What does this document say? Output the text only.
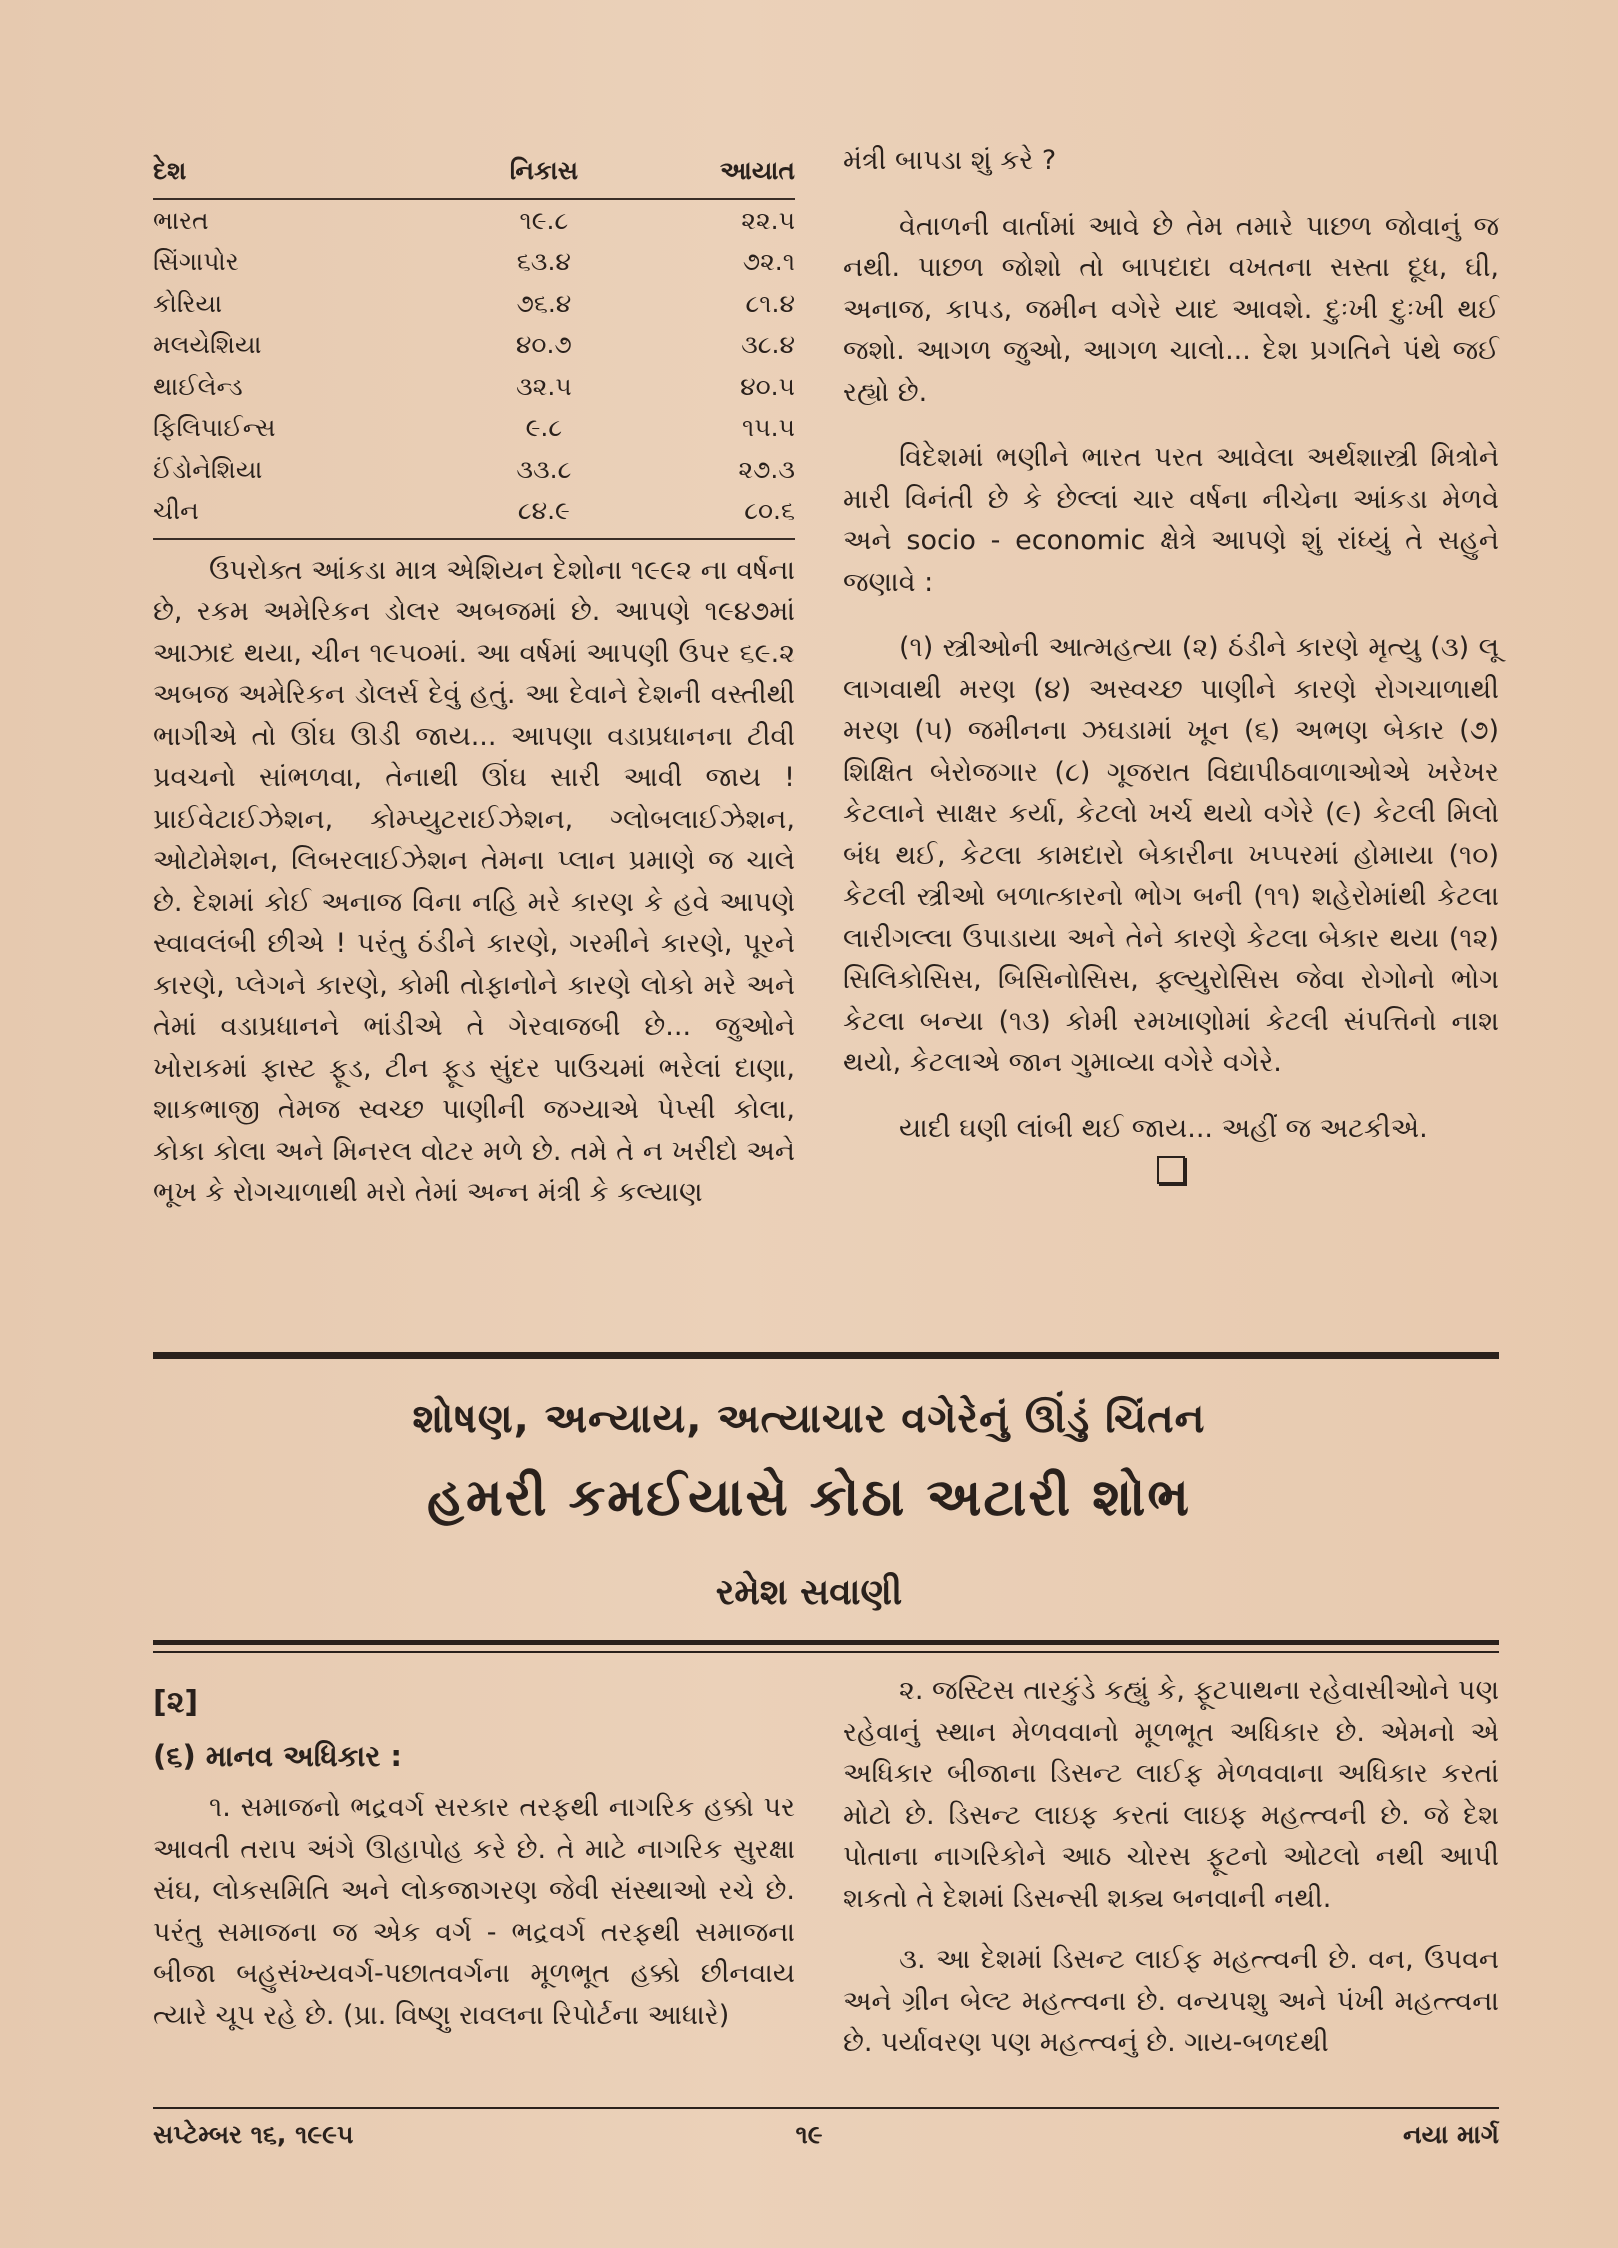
દેશ	નિકાસ	આયાત
ભારત	૧૯.૮	૨૨.૫
સિંગાપોર	૬૩.૪	૭૨.૧
કોરિયા	૭૬.૪	૮૧.૪
મલયેશિયા	૪૦.૭	૩૮.૪
થાઈલેન્ડ	૩૨.૫	૪૦.૫
ફિલિપાઈન્સ	૯.૮	૧૫.૫
ઈંડોનેશિયા	૩૩.૮	૨૭.૩
ચીન	૮૪.૯	૮૦.૬

ઉપરોક્ત આંકડા માત્ર એશિયન દેશોના ૧૯૯૨ ના વર્ષના છે, રકમ અમેરિકન ડોલર અબજમાં છે. આપણે ૧૯૪૭માં આઝાદ થયા, ચીન ૧૯૫૦માં. આ વર્ષમાં આપણી ઉપર ૬૯.૨ અબજ અમેરિકન ડોલર્સ દેવું હતું. આ દેવાને દેશની વસ્તીથી ભાગીએ તો ઊંઘ ઊડી જાય... આપણા વડાપ્રધાનના ટીવી પ્રવચનો સાંભળવા, તેનાથી ઊંઘ સારી આવી જાય ! પ્રાઈવેટાઈઝેશન, કોમ્પ્યુટરાઈઝેશન, ગ્લોબલાઈઝેશન, ઓટોમેશન, લિબરલાઈઝેશન તેમના પ્લાન પ્રમાણે જ ચાલે છે. દેશમાં કોઈ અનાજ વિના નહિ મરે કારણ કે હવે આપણે સ્વાવલંબી છીએ ! પરંતુ ઠંડીને કારણે, ગરમીને કારણે, પૂરને કારણે, પ્લેગને કારણે, કોમી તોફાનોને કારણે લોકો મરે અને તેમાં વડાપ્રધાનને ભાંડીએ તે ગેરવાજબી છે... જુઓને ખોરાકમાં ફાસ્ટ ફૂડ, ટીન ફૂડ સુંદર પાઉચમાં ભરેલાં દાણા, શાકભાજી તેમજ સ્વચ્છ પાણીની જગ્યાએ પેપ્સી કોલા, કોકા કોલા અને મિનરલ વોટર મળે છે. તમે તે ન ખરીદો અને ભૂખ કે રોગચાળાથી મરો તેમાં અન્ન મંત્રી કે કલ્યાણ

મંત્રી બાપડા શું કરે ?

વેતાળની વાર્તામાં આવે છે તેમ તમારે પાછળ જોવાનું જ નથી. પાછળ જોશો તો બાપદાદા વખતના સસ્તા દૂધ, ઘી, અનાજ, કાપડ, જમીન વગેરે યાદ આવશે. દુઃખી દુઃખી થઈ જશો. આગળ જુઓ, આગળ ચાલો... દેશ પ્રગતિને પંથે જઈ રહ્યો છે.

વિદેશમાં ભણીને ભારત પરત આવેલા અર્થશાસ્ત્રી મિત્રોને મારી વિનંતી છે કે છેલ્લાં ચાર વર્ષના નીચેના આંકડા મેળવે અને socio - economic ક્ષેત્રે આપણે શું રાંધ્યું તે સહુને જણાવે :

(૧) સ્ત્રીઓની આત્મહત્યા (૨) ઠંડીને કારણે મૃત્યુ (૩) લૂ લાગવાથી મરણ (૪) અસ્વચ્છ પાણીને કારણે રોગચાળાથી મરણ (૫) જમીનના ઝઘડામાં ખૂન (૬) અભણ બેકાર (૭) શિક્ષિત બેરોજગાર (૮) ગૂજરાત વિદ્યાપીઠવાળાઓએ ખરેખર કેટલાને સાક્ષર કર્યા, કેટલો ખર્ચ થયો વગેરે (૯) કેટલી મિલો બંધ થઈ, કેટલા કામદારો બેકારીના ખપ્પરમાં હોમાયા (૧૦) કેટલી સ્ત્રીઓ બળાત્કારનો ભોગ બની (૧૧) શહેરોમાંથી કેટલા લારીગલ્લા ઉપાડાયા અને તેને કારણે કેટલા બેકાર થયા (૧૨) સિલિકોસિસ, બિસિનોસિસ, ફ્લ્યુરોસિસ જેવા રોગોનો ભોગ કેટલા બન્યા (૧૩) કોમી રમખાણોમાં કેટલી સંપત્તિનો નાશ થયો, કેટલાએ જાન ગુમાવ્યા વગેરે વગેરે.

યાદી ઘણી લાંબી થઈ જાય... અહીં જ અટકીએ.

શોષણ, અન્યાય, અત્યાચાર વગેરેનું ઊંડું ચિંતન
હમરી કમઈયાસે કોઠા અટારી શોભ
રમેશ સવાણી

[૨]

(૬) માનવ અધિકાર :

૧. સમાજનો ભદ્રવર્ગ સરકાર તરફથી નાગરિક હક્કો પર આવતી તરાપ અંગે ઊહાપોહ કરે છે. તે માટે નાગરિક સુરક્ષા સંઘ, લોકસમિતિ અને લોકજાગરણ જેવી સંસ્થાઓ રચે છે. પરંતુ સમાજના જ એક વર્ગ - ભદ્રવર્ગ તરફથી સમાજના બીજા બહુસંખ્યવર્ગ-પછાતવર્ગના મૂળભૂત હક્કો છીનવાય ત્યારે ચૂપ રહે છે. (પ્રા. વિષ્ણુ રાવલના રિપોર્ટના આધારે)

૨. જસ્ટિસ તારકુંડે કહ્યું કે, ફૂટપાથના રહેવાસીઓને પણ રહેવાનું સ્થાન મેળવવાનો મૂળભૂત અધિકાર છે. એમનો એ અધિકાર બીજાના ડિસન્ટ લાઈફ મેળવવાના અધિકાર કરતાં મોટો છે. ડિસન્ટ લાઇફ કરતાં લાઇફ મહત્ત્વની છે. જે દેશ પોતાના નાગરિકોને આઠ ચોરસ ફૂટનો ઓટલો નથી આપી શકતો તે દેશમાં ડિસન્સી શક્ય બનવાની નથી.

૩. આ દેશમાં ડિસન્ટ લાઈફ મહત્ત્વની છે. વન, ઉપવન અને ગ્રીન બેલ્ટ મહત્ત્વના છે. વન્યપશુ અને પંખી મહત્ત્વના છે. પર્યાવરણ પણ મહત્ત્વનું છે. ગાય-બળદથી

સપ્ટેમ્બર ૧૬, ૧૯૯૫	૧૯	નયા માર્ગ
